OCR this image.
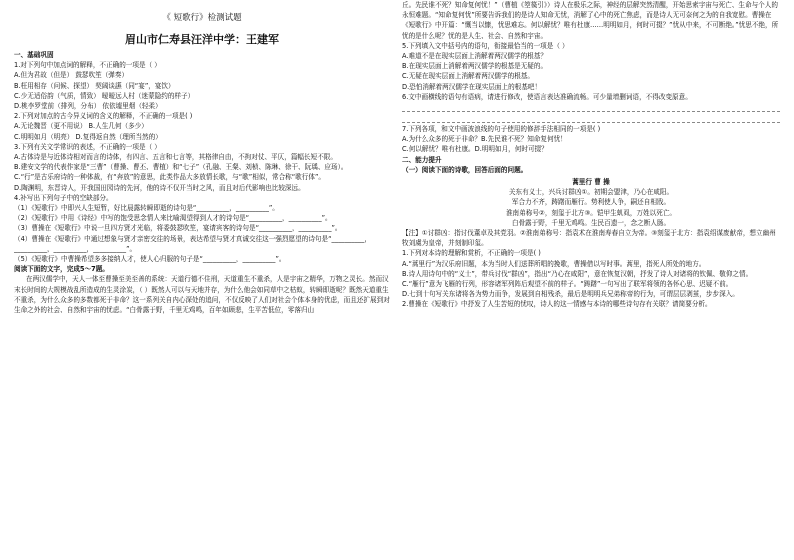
《 短歌行》检测试题
眉山市仁寿县汪洋中学：王建军
一、基础巩固
1.对下列句中加点词的解释，不正确的一项是（ ）
A.但为君故（但是） 鼓瑟吹笙（弹奏）
B.枉用相存（问候、探望） 契阔谈讌（同“宴”，宴饮）
C.少无适俗韵（气质，情致） 暧暧远人村（迷蒙隐约的样子）
D.桃李罗堂前（排列，分布） 依依墟里烟（轻柔）
2.下列对加点的古今异义词的含义的解释，不正确的一项是( )
A.无论魏晋（更不用说） B.人生几何（多少）
C.明明如月（明亮） D.复得返自然（理所当然的）
3.下列有关文学常识的表述，不正确的一项是（ ）
A.古体诗是与近体诗相对而言的诗体，有四言、五言和七言等，其格律自由，不拘对仗、平仄，篇幅长短不限。
B.建安文学的代表作家是“三曹”（曹操、曹丕、曹植）和“七子”（孔融、王粲、刘桢、陈琳、徐干、阮瑀、应玚）。
C.“行”是古乐府诗的一种体裁，有“奔放”的意思，此类作品大多放情长歌，与“歌”相似，常合称“歌行体”。
D.陶渊明，东晋诗人，开我国田园诗的先河，他的诗不仅开当时之风，而且对后代影响也比较深远。
4.补写出下列句子中的空缺部分。
（1）《短歌行》中即兴人生短暂，好比晨露转瞬即逝的诗句是“__________，__________”。
（2）《短歌行》中用《诗经》中写的饱受思念情人来比喻渴望得到人才的诗句是“__________，__________”。
（3）曹操在《短歌行》中说一旦四方贤才光临，将委鼓瑟吹笙，宴请宾客的诗句是“__________，__________”。
（4）曹操在《短歌行》中通过想象与贤才亲密交往的场景，表达希望与贤才真诚交往这一强烈愿望的诗句是“__________，__________，__________，__________”。
（5）《短歌行》中曹操希望多多接纳人才，使人心归服的句子是“__________，__________”。
阅读下面的文字，完成5～7题。
在两汉儒学中，天人一体至曹操至美至善的系统：天道行德不住刑，天道重生不重杀，人是宇宙之精华，万物之灵长。然而汉末长时间的大规模战乱所造成的生灵涂炭，（ ）既然人可以与天地并存，为什么他会如同草中之枯蚁，转瞬即逝呢？既然天道重生不重杀，为什么众多的多数都死于非命？这一系列关自内心深处的追问，不仅反映了人们对社会个体本身的优虑，而且还扩展到对生命之外的社会、自然和宇宙的忧虑。“白骨露于野，千里无鸡鸣，百年如顾悲，生平苦低位，零落归山
丘。先民谁不死？知命复何忧！”（曹植《箜篌引》）诗人在极乐之际，神经的层解突然清醒，开始思索宇宙与死亡、生命与个人的永恒难题。“知命复何忧”所要告诉我们的是诗人知命无忧，消解了心中的死亡焦虑，而是诗人无可奈何之为的自我宽慰。曹操在《短歌行》中开篇：“慨当以慷，忧思难忘。何以解忧？唯有杜康……明明如月，何时可掇？”忧从中来，不可断绝。”忧思不绝，所忧的是什么呢？忧的是人生、社会、自然和宇宙。
5.下列填入文中括号内的语句，衔接最恰当的一项是（ ）
A.难道不是在现实层面上消解着两汉儒学的根基？
B.在现实层面上消解着两汉儒学的根基是无疑的。
C.无疑在现实层面上消解着两汉儒学的根基。
D.恐怕消解着两汉儒学在现实层面上的根基吧！
6.文中画横线的语句有语病，请进行修改，使语言表达准确流畅。可少量增删词语，不得改变原意。
7.下列各项，和文中画波浪线的句子使用的修辞手法相同的一项是( )
A.为什么众多的死于非命？B.先民谁不死？知命复何忧！
C.何以解忧？唯有杜康。D.明明如月，何时可掇？
二、能力提升
（一）阅读下面的诗歌，回答后面的问题。
蒿里行 曹 操
关东有义士，兴兵讨群凶①。初期会盟津，乃心在咸阳。
军合力不齐，踌躇而雁行。势利使人争，嗣还自相戕。
淮南弟称号②，刻玺于北方③。铠甲生虮虱，万姓以死亡。
白骨露于野，千里无鸡鸣。生民百遗一，念之断人肠。
【注】①讨群凶：指讨伐董卓及其党羽。②淮南弟称号：指袁术在淮南寿春自立为帝。③刻玺于北方：指袁绍谋废献帝，想立幽州牧刘虞为皇帝，并刻制印玺。
1.下列对本诗的理解和赏析，不正确的一项是( )
A.“蒿里行”为汉乐府旧题，本为当时人们送葬所唱的挽歌，曹操借以写时事。蒿里，指死人所处的地方。
B.诗人用诗句中的“义士”，带兵讨伐“群凶”，指出“乃心在咸阳”，意在恢复汉朝，抒发了诗人对诸将的钦佩、敬仰之情。
C.“雁行”意为飞雁的行列，形容诸军列阵后观望不前的样子。“踌躇”一句写出了联军将领的各怀心思、迟疑不前。
D.七到十句写关东诸将各为势力而争，发展到自相残杀，最后是明明兵兄弟称帝的行为，可谓层层剥茧，步步深入。
2.曹操在《短歌行》中抒发了人生苦短的忧叹，诗人的这一情感与本诗的哪些诗句存有关联？请简要分析。
